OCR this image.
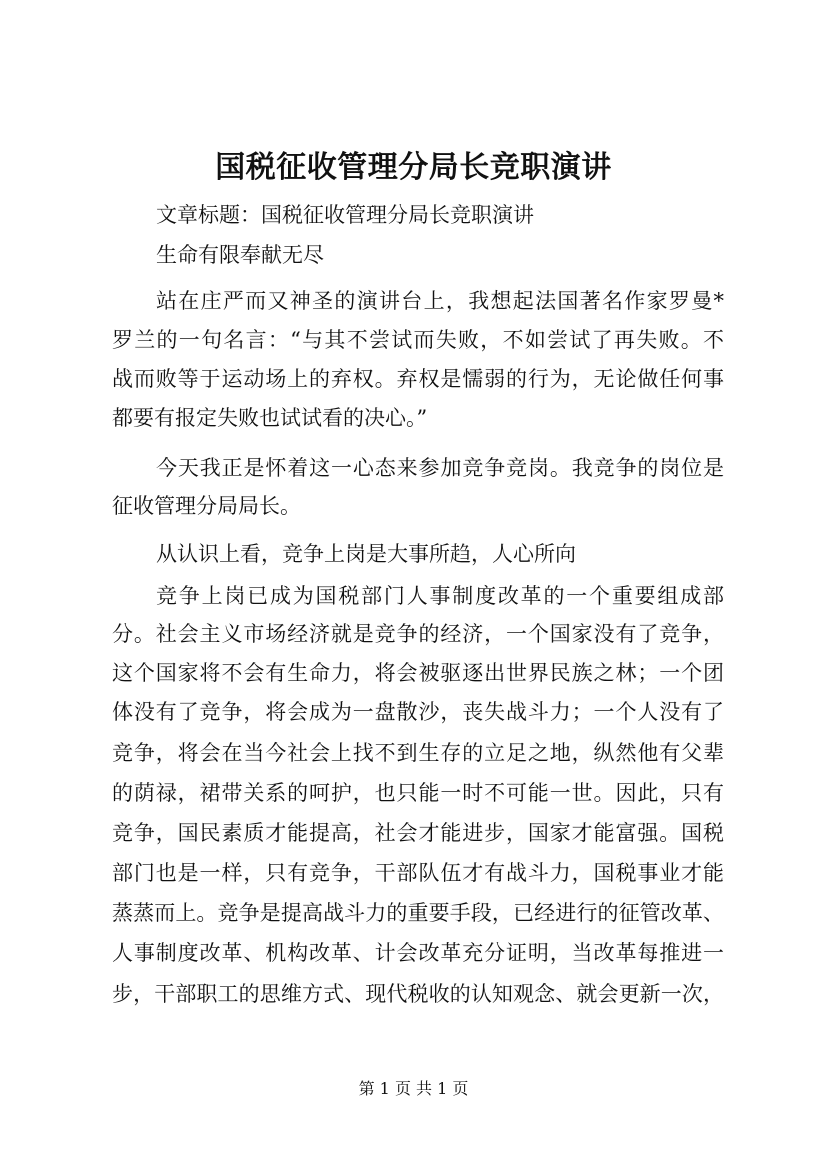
国税征收管理分局长竞职演讲
文章标题：国税征收管理分局长竞职演讲
生命有限奉献无尽
站在庄严而又神圣的演讲台上，我想起法国著名作家罗曼*
罗兰的一句名言：“与其不尝试而失败，不如尝试了再失败。不
战而败等于运动场上的弃权。弃权是懦弱的行为，无论做任何事
都要有报定失败也试试看的决心。”
今天我正是怀着这一心态来参加竞争竞岗。我竞争的岗位是
征收管理分局局长。
从认识上看，竞争上岗是大事所趋，人心所向
竞争上岗已成为国税部门人事制度改革的一个重要组成部
分。社会主义市场经济就是竞争的经济，一个国家没有了竞争，
这个国家将不会有生命力，将会被驱逐出世界民族之林；一个团
体没有了竞争，将会成为一盘散沙，丧失战斗力；一个人没有了
竞争，将会在当今社会上找不到生存的立足之地，纵然他有父辈
的荫禄，裙带关系的呵护，也只能一时不可能一世。因此，只有
竞争，国民素质才能提高，社会才能进步，国家才能富强。国税
部门也是一样，只有竞争，干部队伍才有战斗力，国税事业才能
蒸蒸而上。竞争是提高战斗力的重要手段，已经进行的征管改革、
人事制度改革、机构改革、计会改革充分证明，当改革每推进一
步，干部职工的思维方式、现代税收的认知观念、就会更新一次，
第 1 页 共 1 页
